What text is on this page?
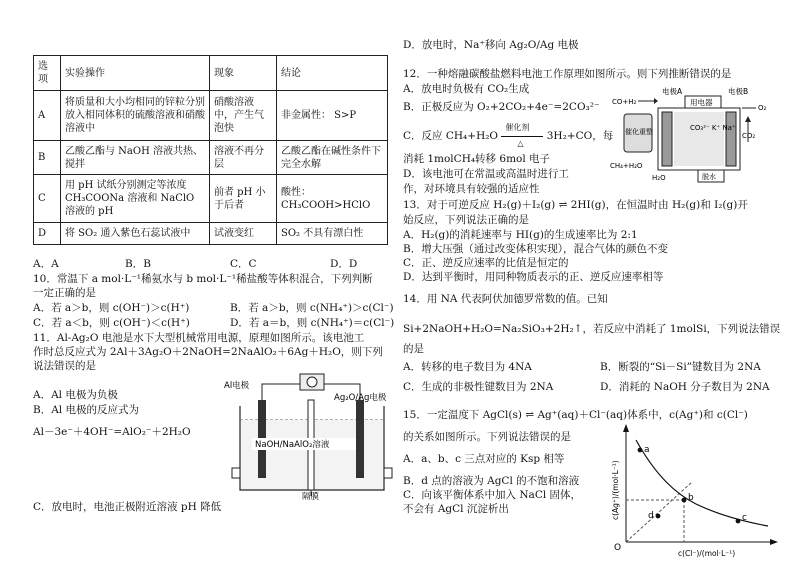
选项	实验操作	现象	结论
A	将质量和大小均相同的锌粒分别放入相同体积的硫酸溶液和硝酸溶液中	硝酸溶液中，产生气泡快	非金属性： S>P
B	乙酸乙酯与 NaOH 溶液共热、搅拌	溶液不再分层	乙酸乙酯在碱性条件下完全水解
C	用 pH 试纸分别测定等浓度 CH₃COONa 溶液和 NaClO 溶液的 pH	前者 pH 小于后者	酸性：CH₃COOH>HClO
D	将 SO₂ 通入紫色石蕊试液中	试液变红	SO₂ 不具有漂白性
A．A	B．B	C．C	D．D
10．常温下 a mol·L⁻¹稀氨水与 b mol·L⁻¹稀盐酸等体积混合，下列判断
一定正确的是
A．若 a＞b，则 c(OH⁻)＞c(H⁺)	B．若 a＞b，则 c(NH₄⁺)＞c(Cl⁻)
C．若 a＜b，则 c(OH⁻)＜c(H⁺)	D．若 a＝b，则 c(NH₄⁺)＝c(Cl⁻)
11．Al-Ag₂O 电池是水下大型机械常用电源，原理如图所示。该电池工
作时总反应式为 2Al＋3Ag₂O＋2NaOH=2NaAlO₂＋6Ag＋H₂O，则下列
说法错误的是
A．Al 电极为负极
B．Al 电极的反应式为
Al－3e⁻＋4OH⁻=AlO₂⁻＋2H₂O
C．放电时，电池正极附近溶液 pH 降低
Al电极
Ag₂O/Ag电极
NaOH/NaAlO₂溶液
隔膜
D．放电时，Na⁺移向 Ag₂O/Ag 电极
12．一种熔融碳酸盐燃料电池工作原理如图所示。则下列推断错误的是
A．放电时负极有 CO₂生成
B．正极反应为 O₂+2CO₂+4e⁻=2CO₃²⁻
C．反应 CH₄+H₂O
催化剂
△
3H₂+CO，每
消耗 1molCH₄转移 6mol 电子
D．该电池可在常温或高温时进行工
作，对环境具有较强的适应性
电极A	电极B
用电器
CO+H₂
O₂
CO₂
CO₃²⁻ K⁺ Na⁺
催化重整
CH₄+H₂O
H₂O	脱水
13．对于可逆反应 H₂(g)＋I₂(g) ⇌ 2HI(g)，在恒温时由 H₂(g)和 I₂(g)开
始反应，下列说法正确的是
A．H₂(g)的消耗速率与 HI(g)的生成速率比为 2:1
B．增大压强（通过改变体积实现），混合气体的颜色不变
C．正、逆反应速率的比值是恒定的
D．达到平衡时，用同种物质表示的正、逆反应速率相等
14．用 NA 代表阿伏加德罗常数的值。已知
Si+2NaOH+H₂O=Na₂SiO₃+2H₂↑，若反应中消耗了 1molSi，下列说法错误
的是
A．转移的电子数目为 4NA	B．断裂的“Si－Si”键数目为 2NA
C．生成的非极性键数目为 2NA	D．消耗的 NaOH 分子数目为 2NA
15．一定温度下 AgCl(s) ⇌ Ag⁺(aq)＋Cl⁻(aq)体系中，c(Ag⁺)和 c(Cl⁻)
的关系如图所示。下列说法错误的是
A．a、b、c 三点对应的 Ksp 相等
B．d 点的溶液为 AgCl 的不饱和溶液
C．向该平衡体系中加入 NaCl 固体，
不会有 AgCl 沉淀析出
a
b
c
d
O
c(Cl⁻)/(mol·L⁻¹)
c(Ag⁺)/(mol·L⁻¹)
